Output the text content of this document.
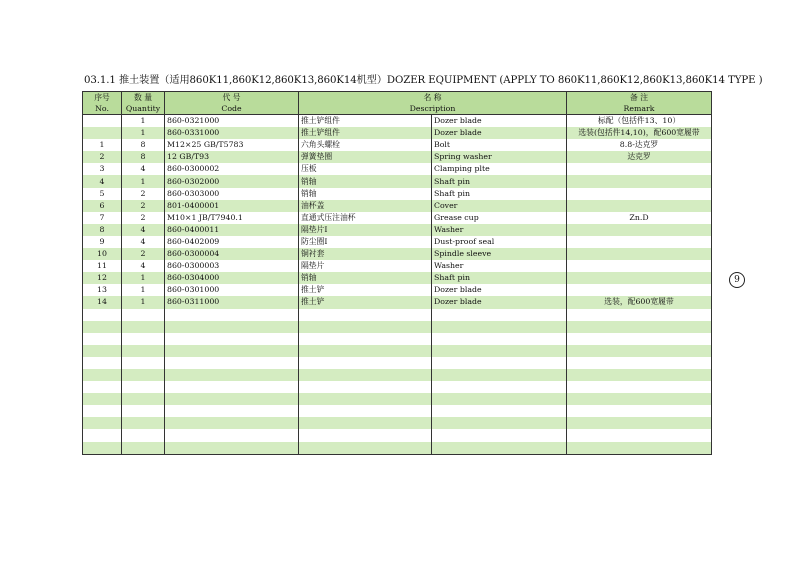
03.1.1 推土装置（适用860K11,860K12,860K13,860K14机型）DOZER EQUIPMENT (APPLY TO 860K11,860K12,860K13,860K14 TYPE )
序号	数 量	代 号	名 称		备 注
No.	Quantity	Code	Description		Remark
	1	860-0321000	推土铲组件	Dozer blade	标配（包括件13、10）
	1	860-0331000	推土铲组件	Dozer blade	选装(包括件14,10)，配600宽履带
1	8	M12×25 GB/T5783	六角头螺栓	Bolt	8.8-达克罗
2	8	12 GB/T93	弹簧垫圈	Spring washer	达克罗
3	4	860-0300002	压板	Clamping plte	
4	1	860-0302000	销轴	Shaft pin	
5	2	860-0303000	销轴	Shaft pin	
6	2	801-0400001	油杯盖	Cover	
7	2	M10×1 JB/T7940.1	直通式压注油杯	Grease cup	Zn.D
8	4	860-0400011	隔垫片I	Washer	
9	4	860-0402009	防尘圈I	Dust-proof seal	
10	2	860-0300004	铜衬套	Spindle sleeve	
11	4	860-0300003	隔垫片	Washer	
12	1	860-0304000	销轴	Shaft pin	
13	1	860-0301000	推土铲	Dozer blade	
14	1	860-0311000	推土铲	Dozer blade	选装，配600宽履带

9
